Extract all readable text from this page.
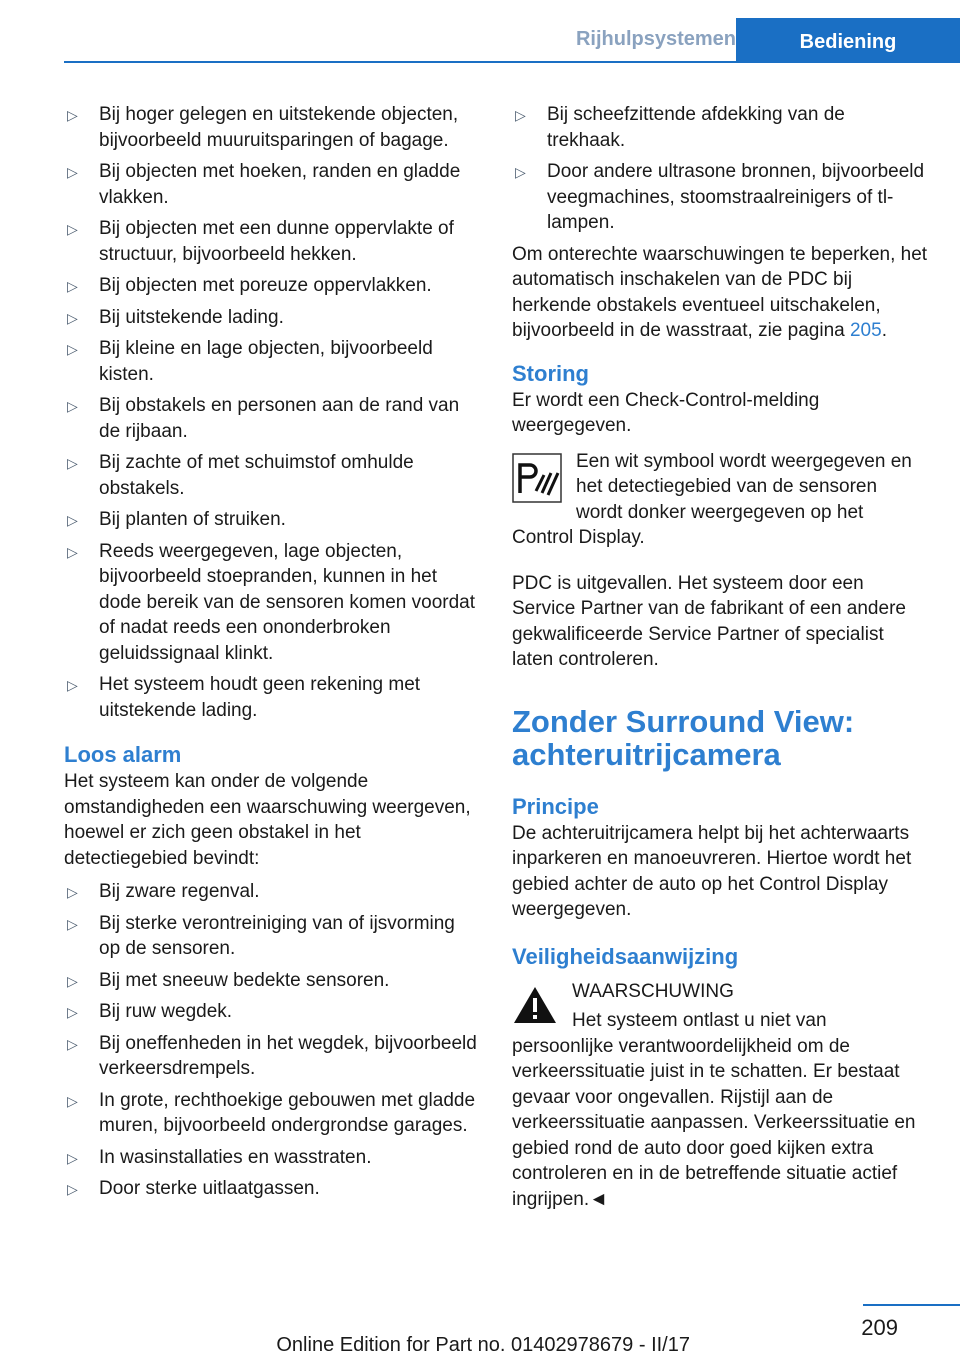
Rijhulpsystemen	Bediening
▷ Bij hoger gelegen en uitstekende objecten, bijvoorbeeld muuruitsparingen of bagage.
▷ Bij objecten met hoeken, randen en gladde vlakken.
▷ Bij objecten met een dunne oppervlakte of structuur, bijvoorbeeld hekken.
▷ Bij objecten met poreuze oppervlakken.
▷ Bij uitstekende lading.
▷ Bij kleine en lage objecten, bijvoorbeeld kisten.
▷ Bij obstakels en personen aan de rand van de rijbaan.
▷ Bij zachte of met schuimstof omhulde obstakels.
▷ Bij planten of struiken.
▷ Reeds weergegeven, lage objecten, bijvoorbeeld stoepranden, kunnen in het dode bereik van de sensoren komen voordat of nadat reeds een ononderbroken geluidssignaal klinkt.
▷ Het systeem houdt geen rekening met uitstekende lading.
Loos alarm

Het systeem kan onder de volgende omstandigheden een waarschuwing weergeven, hoewel er zich geen obstakel in het detectiegebied bevindt:

▷ Bij zware regenval.
▷ Bij sterke verontreiniging van of ijsvorming op de sensoren.
▷ Bij met sneeuw bedekte sensoren.
▷ Bij ruw wegdek.
▷ Bij oneffenheden in het wegdek, bijvoorbeeld verkeersdrempels.
▷ In grote, rechthoekige gebouwen met gladde muren, bijvoorbeeld ondergrondse garages.
▷ In wasinstallaties en wasstraten.
▷ Door sterke uitlaatgassen.
▷ Bij scheefzittende afdekking van de trekhaak.
▷ Door andere ultrasone bronnen, bijvoorbeeld veegmachines, stoomstraalreinigers of tl-lampen.

Om onterechte waarschuwingen te beperken, het automatisch inschakelen van de PDC bij herkende obstakels eventueel uitschakelen, bijvoorbeeld in de wasstraat, zie pagina 205.

Storing

Er wordt een Check-Control-melding weergegeven.

Een wit symbool wordt weergegeven en het detectiegebied van de sensoren wordt donker weergegeven op het Control Display.

PDC is uitgevallen. Het systeem door een Service Partner van de fabrikant of een andere gekwalificeerde Service Partner of specialist laten controleren.

Zonder Surround View: achteruitrijcamera
Principe

De achteruitrijcamera helpt bij het achterwaarts inparkeren en manoeuvreren. Hiertoe wordt het gebied achter de auto op het Control Display weergegeven.

Veiligheidsaanwijzing

WAARSCHUWING

Het systeem ontlast u niet van persoonlijke verantwoordelijkheid om de verkeerssituatie juist in te schatten. Er bestaat gevaar voor ongevallen. Rijstijl aan de verkeerssituatie aanpassen. Verkeerssituatie en gebied rond de auto door goed kijken extra controleren en in de betreffende situatie actief ingrijpen.◄

209
Online Edition for Part no. 01402978679 - II/17
